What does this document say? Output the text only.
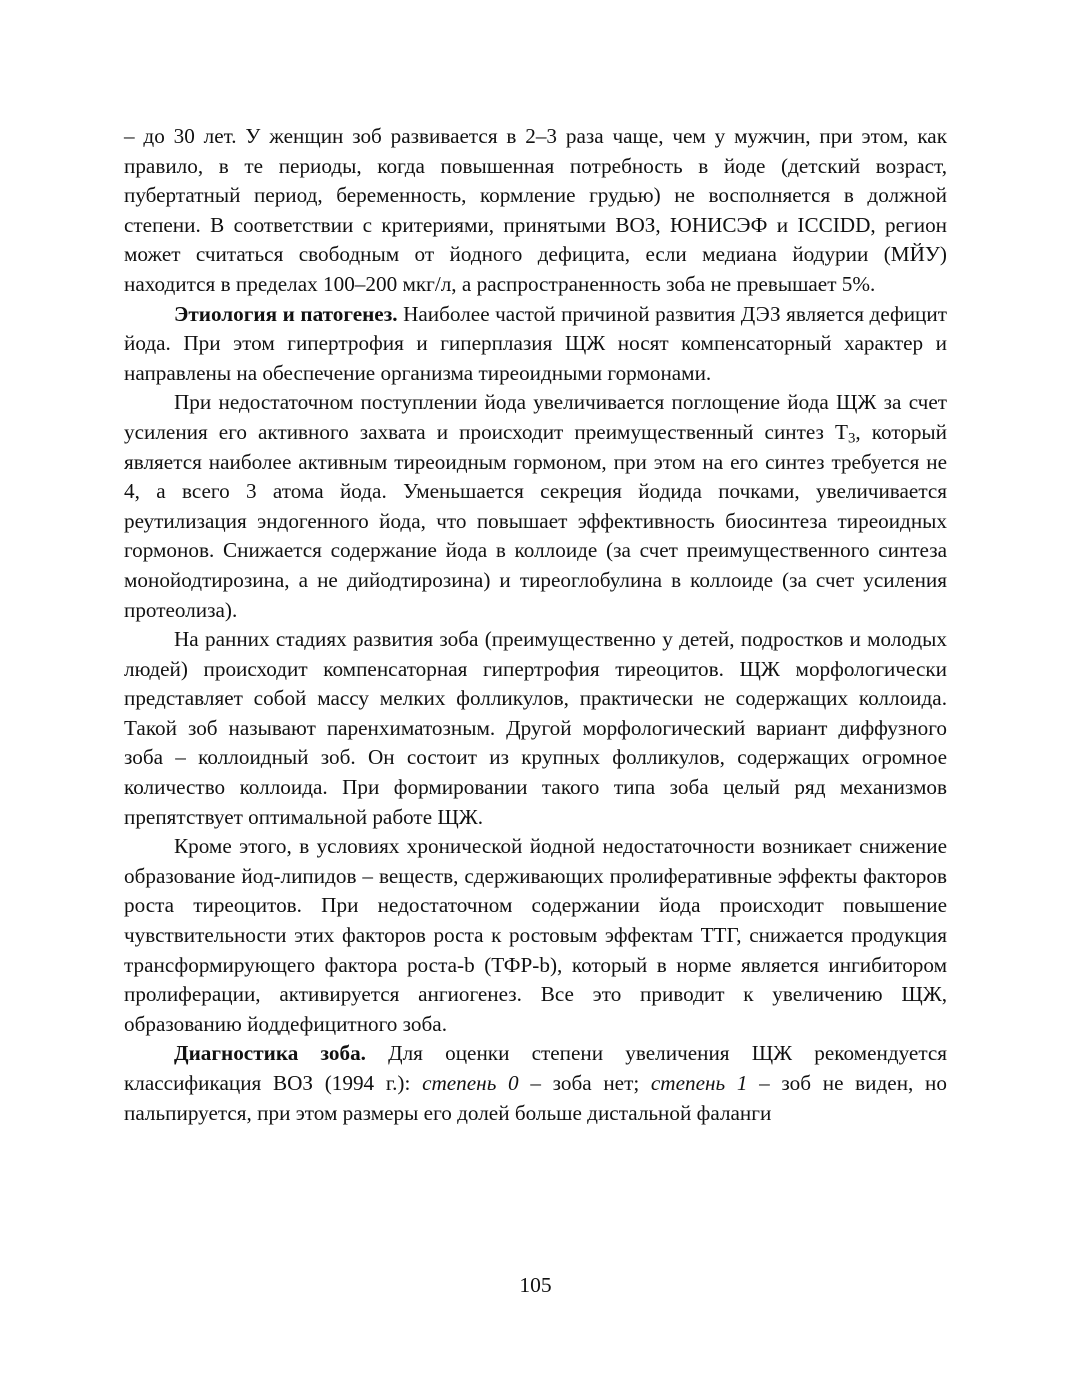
– до 30 лет. У женщин зоб развивается в 2–3 раза чаще, чем у мужчин, при этом, как правило, в те периоды, когда повышенная потребность в йоде (детский возраст, пубертатный период, беременность, кормление грудью) не восполняется в должной степени. В соответствии с критериями, принятыми ВОЗ, ЮНИСЭФ и ICCIDD, регион может считаться свободным от йодного дефицита, если медиана йодурии (МЙУ) находится в пределах 100–200 мкг/л, а распространенность зоба не превышает 5%.

Этиология и патогенез. Наиболее частой причиной развития ДЭЗ является дефицит йода. При этом гипертрофия и гиперплазия ЩЖ носят компенсаторный характер и направлены на обеспечение организма тиреоидными гормонами.

При недостаточном поступлении йода увеличивается поглощение йода ЩЖ за счет усиления его активного захвата и происходит преимущественный синтез $T_3$, который является наиболее активным тиреоидным гормоном, при этом на его синтез требуется не 4, а всего 3 атома йода. Уменьшается секреция йодида почками, увеличивается реутилизация эндогенного йода, что повышает эффективность биосинтеза тиреоидных гормонов. Снижается содержание йода в коллоиде (за счет преимущественного синтеза монойодтирозина, а не дийодтирозина) и тиреоглобулина в коллоиде (за счет усиления протеолиза).

На ранних стадиях развития зоба (преимущественно у детей, подростков и молодых людей) происходит компенсаторная гипертрофия тиреоцитов. ЩЖ морфологически представляет собой массу мелких фолликулов, практически не содержащих коллоида. Такой зоб называют паренхиматозным. Другой морфологический вариант диффузного зоба – коллоидный зоб. Он состоит из крупных фолликулов, содержащих огромное количество коллоида. При формировании такого типа зоба целый ряд механизмов препятствует оптимальной работе ЩЖ.

Кроме этого, в условиях хронической йодной недостаточности возникает снижение образование йод-липидов – веществ, сдерживающих пролиферативные эффекты факторов роста тиреоцитов. При недостаточном содержании йода происходит повышение чувствительности этих факторов роста к ростовым эффектам ТТГ, снижается продукция трансформирующего фактора роста-b (ТФР-b), который в норме является ингибитором пролиферации, активируется ангиогенез. Все это приводит к увеличению ЩЖ, образованию йоддефицитного зоба.

Диагностика зоба. Для оценки степени увеличения ЩЖ рекомендуется классификация ВОЗ (1994 г.): степень 0 – зоба нет; степень 1 – зоб не виден, но пальпируется, при этом размеры его долей больше дистальной фаланги

105
